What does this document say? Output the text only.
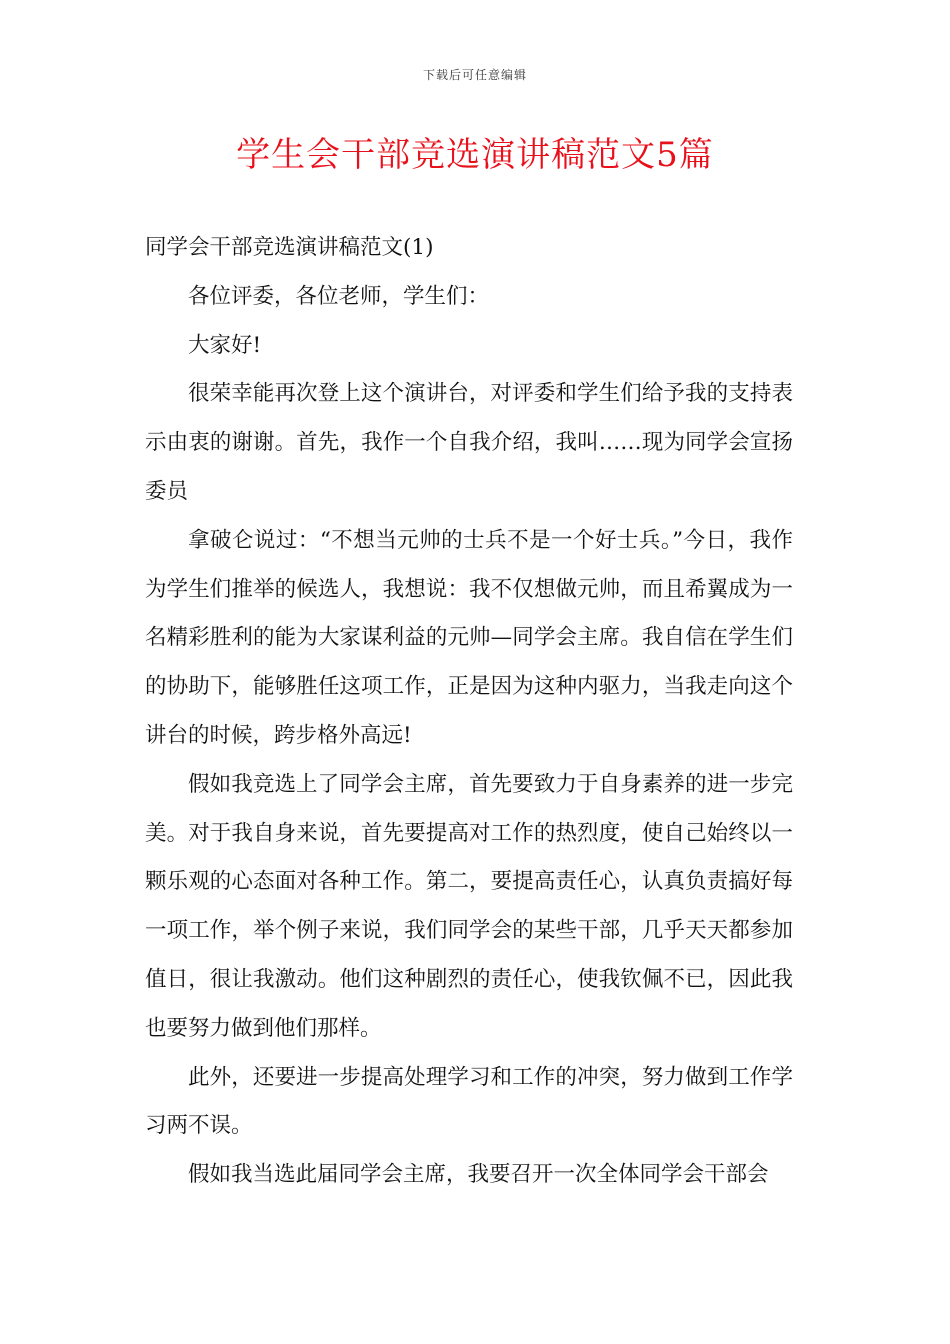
下载后可任意编辑
学生会干部竞选演讲稿范文5篇

同学会干部竞选演讲稿范文(1)

各位评委，各位老师，学生们：

大家好!

很荣幸能再次登上这个演讲台，对评委和学生们给予我的支持表示由衷的谢谢。首先，我作一个自我介绍，我叫……现为同学会宣扬委员

拿破仑说过：“不想当元帅的士兵不是一个好士兵。”今日，我作为学生们推举的候选人，我想说：我不仅想做元帅，而且希翼成为一名精彩胜利的能为大家谋利益的元帅—同学会主席。我自信在学生们的协助下，能够胜任这项工作，正是因为这种内驱力，当我走向这个讲台的时候，跨步格外高远!

假如我竞选上了同学会主席，首先要致力于自身素养的进一步完美。对于我自身来说，首先要提高对工作的热烈度，使自己始终以一颗乐观的心态面对各种工作。第二，要提高责任心，认真负责搞好每一项工作，举个例子来说，我们同学会的某些干部，几乎天天都参加值日，很让我激动。他们这种剧烈的责任心，使我钦佩不已，因此我也要努力做到他们那样。

此外，还要进一步提高处理学习和工作的冲突，努力做到工作学习两不误。

假如我当选此届同学会主席，我要召开一次全体同学会干部会
